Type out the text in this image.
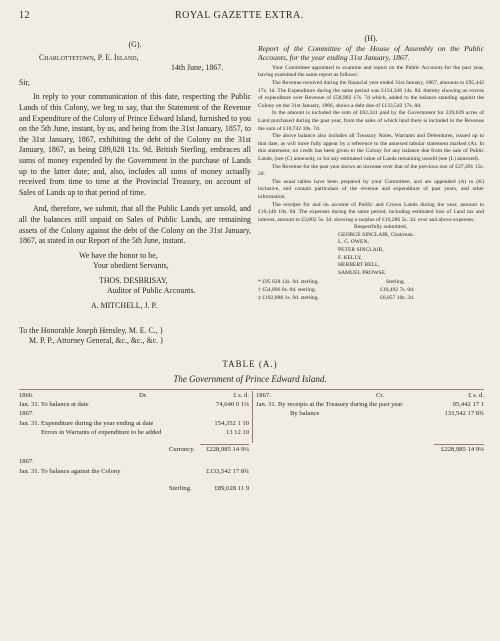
12	ROYAL GAZETTE EXTRA.

(G).

Charlottetown, P. E. Island,

14th June, 1867.

Sir,

In reply to your communication of this date, respecting the Public Lands of this Colony, we beg to say, that the Statement of the Revenue and Expenditure of the Colony of Prince Edward Island, furnished to you on the 5th June, instant, by us, and being from the 31st January, 1857, to the 31st January, 1867, exhibiting the debt of the Colony on the 31st January, 1867, as being £89,028 11s. 9d. British Sterling, embraces all sums of money expended by the Government in the purchase of Lands up to the latter date; and, also, includes all sums of money actually received from time to time at the Provincial Treasury, on account of Sales of Lands up to that period of time.

And, therefore, we submit, that all the Public Lands yet unsold, and all the balances still unpaid on Sales of Public Lands, are remaining assets of the Colony against the debt of the Colony on the 31st January, 1867, as stated in our Report of the 5th June, instant.

We have the honor to be,

Your obedient Servants,

THOS. DESBRISAY,

Auditor of Public Accounts.

A. MITCHELL, J. P.

To the Honorable Joseph Hensley, M. E. C., }

M. P. P., Attorney General, &c., &c., &c. }

(H).

Report of the Committee of the House of Assembly on the Public Accounts, for the year ending 31st January, 1867.

Your Committee appointed to examine and report on the Public Accounts for the past year, having examined the same report as follows:

The Revenue received during the financial year ended 31st January, 1867, amounts to £95,442 17s. 1d. The Expenditure during the same period was £154,346 14s. 8d. thereby showing an excess of expenditure over Revenue of £58,902 17s. 7d which, added to the balance standing against the Colony on the 31st January, 1866, shows a debt due of £133,542 17s. 8d.

In the amount is included the sum of £82,341 paid by the Government for 229,639 acres of Land purchased during the past year, from the sales of which land there is included in the Revenue the sum of £10,742 10s. 7d.

The above balance also includes all Treasury Notes, Warrants and Debentures, issued up to that date, as will more fully appear by a reference to the annexed tabular statement marked (A). In this statement, no credit has been given to the Colony for any balance due from the sale of Public Lands, (see (C) annexed), or for any estimated value of Lands remaining unsold (see (L) annexed).

The Revenue for the past year shows an increase over that of the previous one of £27,491 15s. 2d.

The usual tables have been prepared by your Committee, and are appended (A) to (K) inclusive, and contain particulars of the revenue and expenditure of past years, and other information.

The receipts for and on account of Public and Crown Lands during the year, amount to £10,148 10s. 6d. The expenses during the same period, including estimated loss of Land tax and interest, amount to £3,802 5s. 3d. showing a surplus of £10,286 5s. 3d. over and above expenses.

Respectfully submitted,

GEORGE SINCLAIR, Chairman.

L. C. OWEN,

PETER SINCLAIR,

F. KELLY,

HERBERT BELL,

SAMUEL PROWSE.

* £95 628 12s. 9d. sterling.

† £54,896 0s. 0d. sterling.

‡ £102,888 1s. 9d. sterling.

Sterling.

£10,492 7s. 0d.

£6,857 10s. 2d.

TABLE (A.)
The Government of Prince Edward Island.
1866.	Dr.	£ s. d.
Jan. 31. To balance at date	74,640 0 1¼
1867.
Jan. 31. Expenditure during the year ending at date	154,352 1 10
Errors in Warrants of expenditure to be added	13 12 10
Currency. £228,985 14 9¼
1867.
Jan. 31. To balance against the Colony	£133,542 17 8¾
Sterling.	£89,028 11 9
1867.	Cr.	£ s. d.
Jan. 31. By receipts at the Treasury during the past year	95,442 17 1
By balance	133,542 17 8¾
£228,985 14 9¼
